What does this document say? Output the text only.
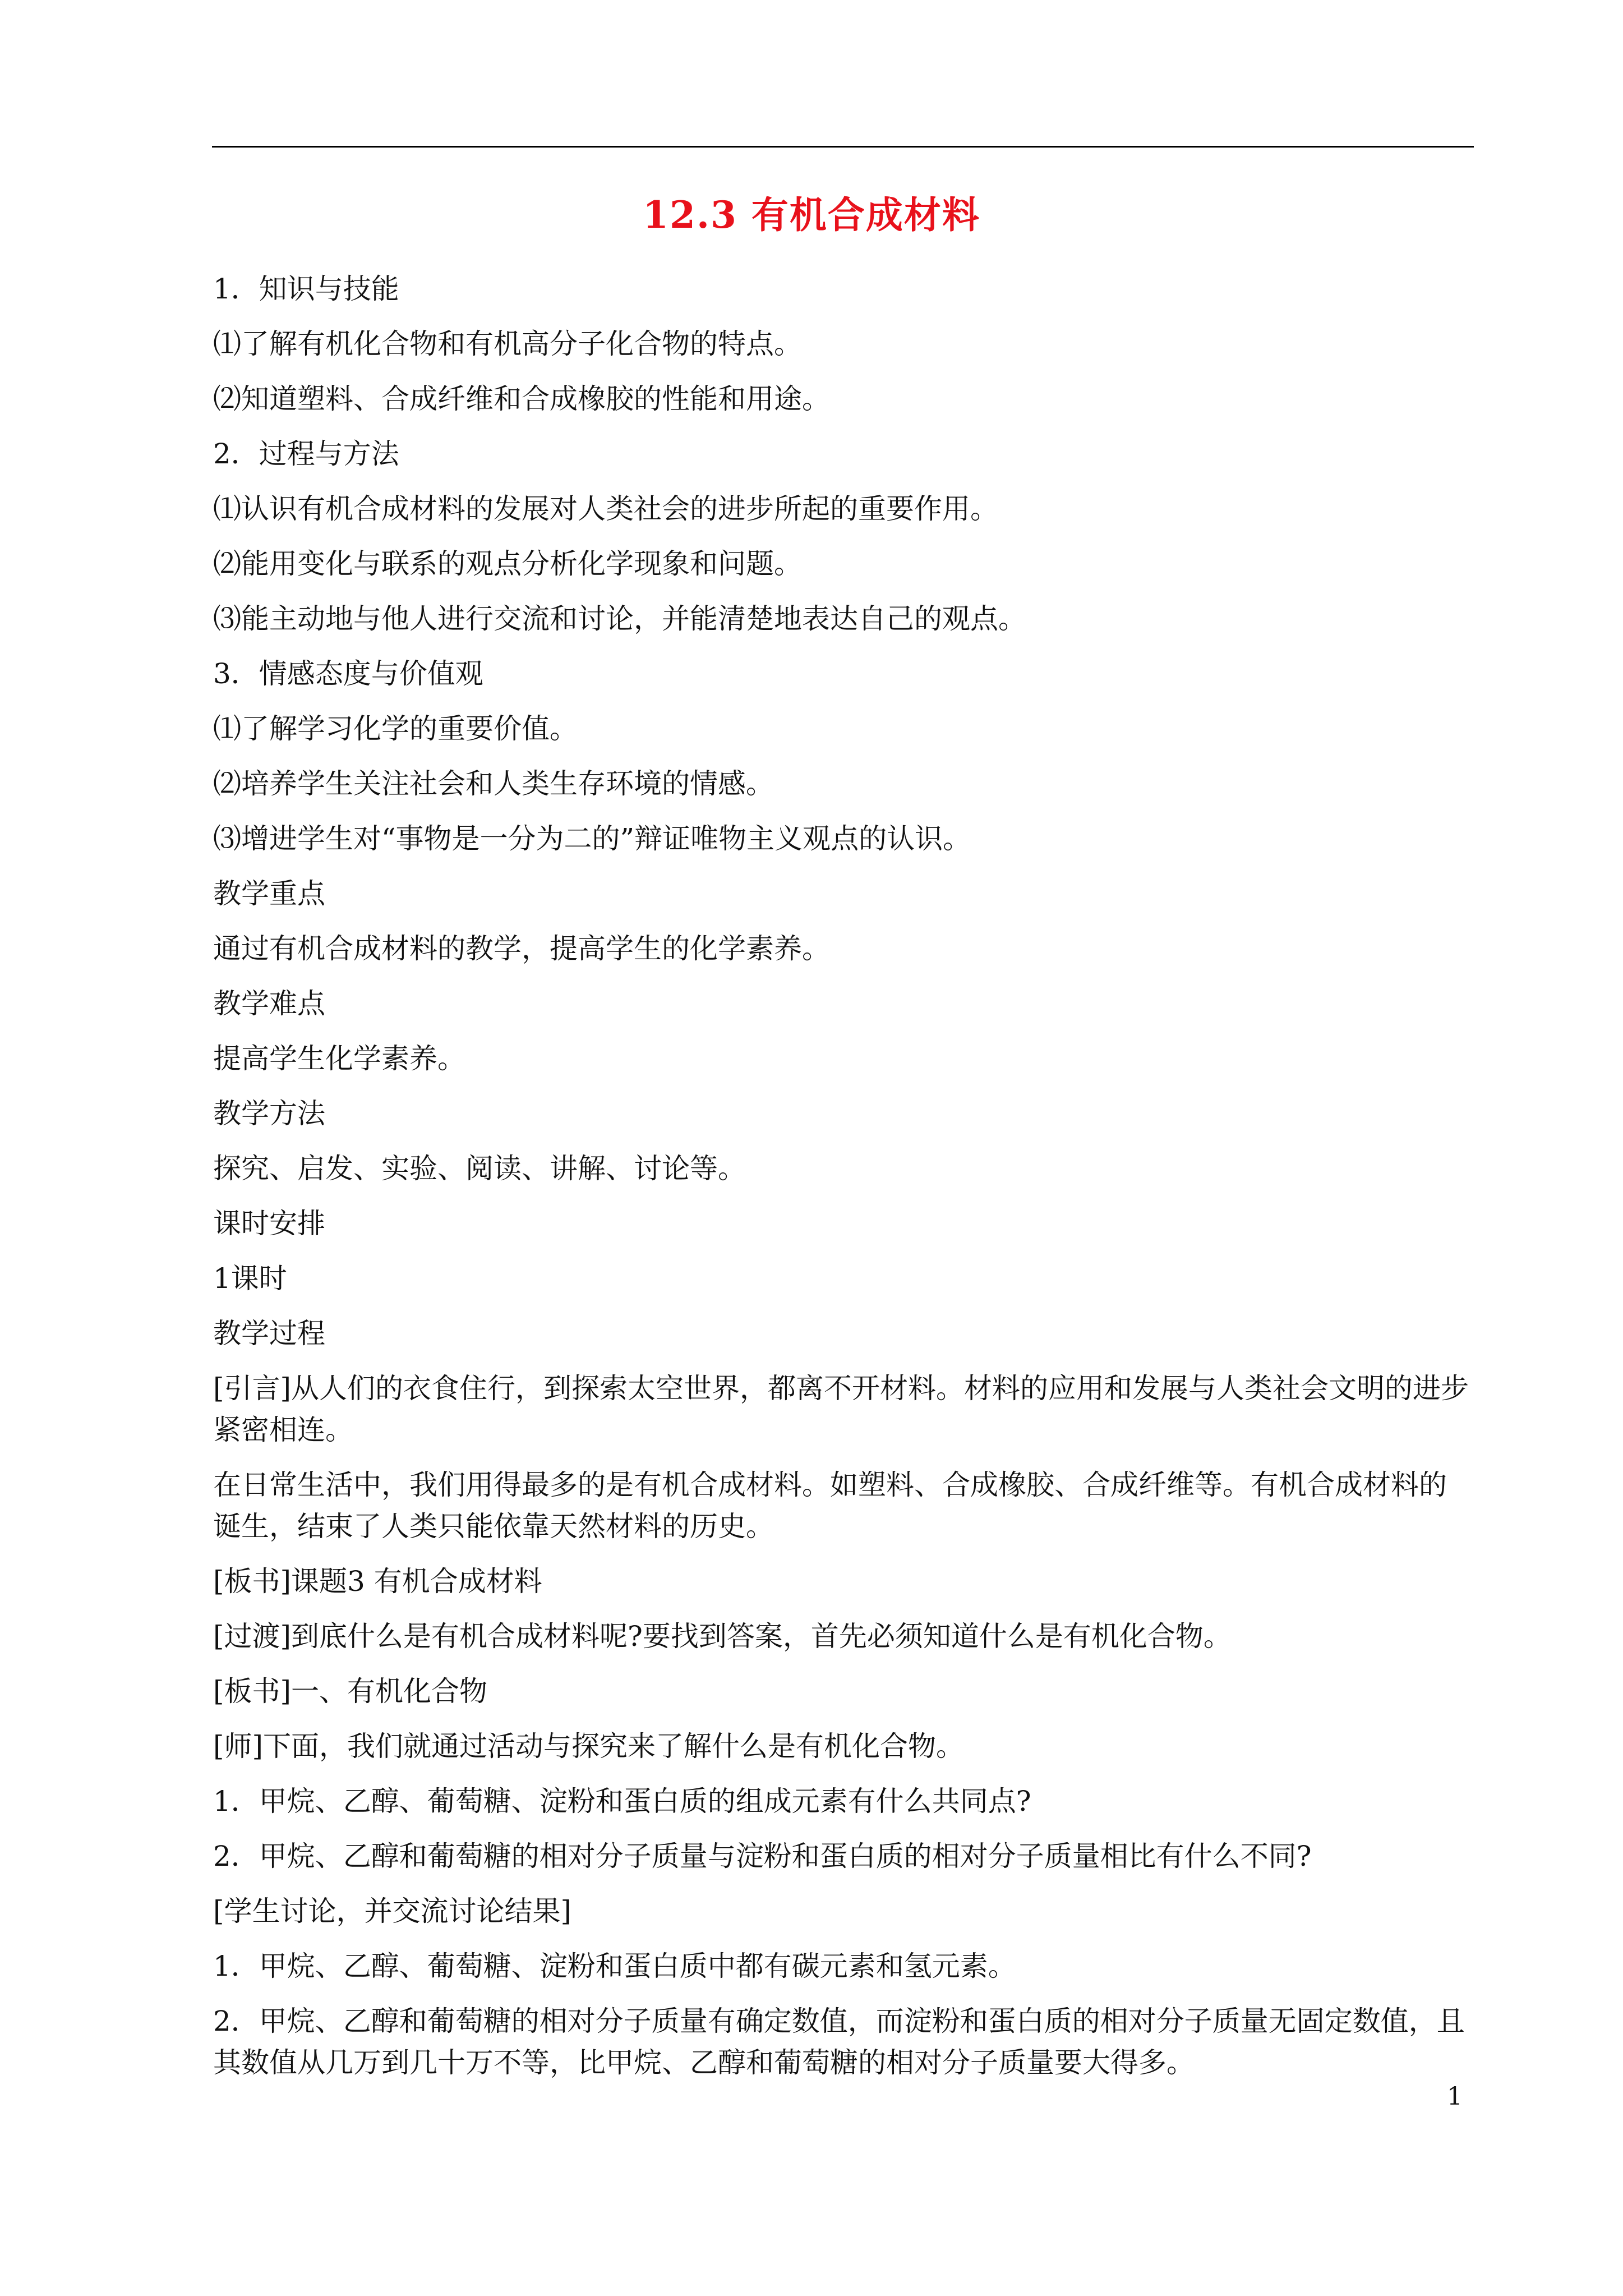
12.3 有机合成材料

1．知识与技能

⑴了解有机化合物和有机高分子化合物的特点。

⑵知道塑料、合成纤维和合成橡胶的性能和用途。

2．过程与方法

⑴认识有机合成材料的发展对人类社会的进步所起的重要作用。

⑵能用变化与联系的观点分析化学现象和问题。

⑶能主动地与他人进行交流和讨论，并能清楚地表达自己的观点。

3．情感态度与价值观

⑴了解学习化学的重要价值。

⑵培养学生关注社会和人类生存环境的情感。

⑶增进学生对“事物是一分为二的”辩证唯物主义观点的认识。

教学重点

通过有机合成材料的教学，提高学生的化学素养。

教学难点

提高学生化学素养。

教学方法

探究、启发、实验、阅读、讲解、讨论等。

课时安排

1课时

教学过程

[引言]从人们的衣食住行，到探索太空世界，都离不开材料。材料的应用和发展与人类社会文明的进步紧密相连。

在日常生活中，我们用得最多的是有机合成材料。如塑料、合成橡胶、合成纤维等。有机合成材料的诞生，结束了人类只能依靠天然材料的历史。

[板书]课题3 有机合成材料

[过渡]到底什么是有机合成材料呢?要找到答案，首先必须知道什么是有机化合物。

[板书]一、有机化合物

[师]下面，我们就通过活动与探究来了解什么是有机化合物。

1．甲烷、乙醇、葡萄糖、淀粉和蛋白质的组成元素有什么共同点?

2．甲烷、乙醇和葡萄糖的相对分子质量与淀粉和蛋白质的相对分子质量相比有什么不同?

[学生讨论，并交流讨论结果]

1．甲烷、乙醇、葡萄糖、淀粉和蛋白质中都有碳元素和氢元素。

2．甲烷、乙醇和葡萄糖的相对分子质量有确定数值，而淀粉和蛋白质的相对分子质量无固定数值，且其数值从几万到几十万不等，比甲烷、乙醇和葡萄糖的相对分子质量要大得多。

1
